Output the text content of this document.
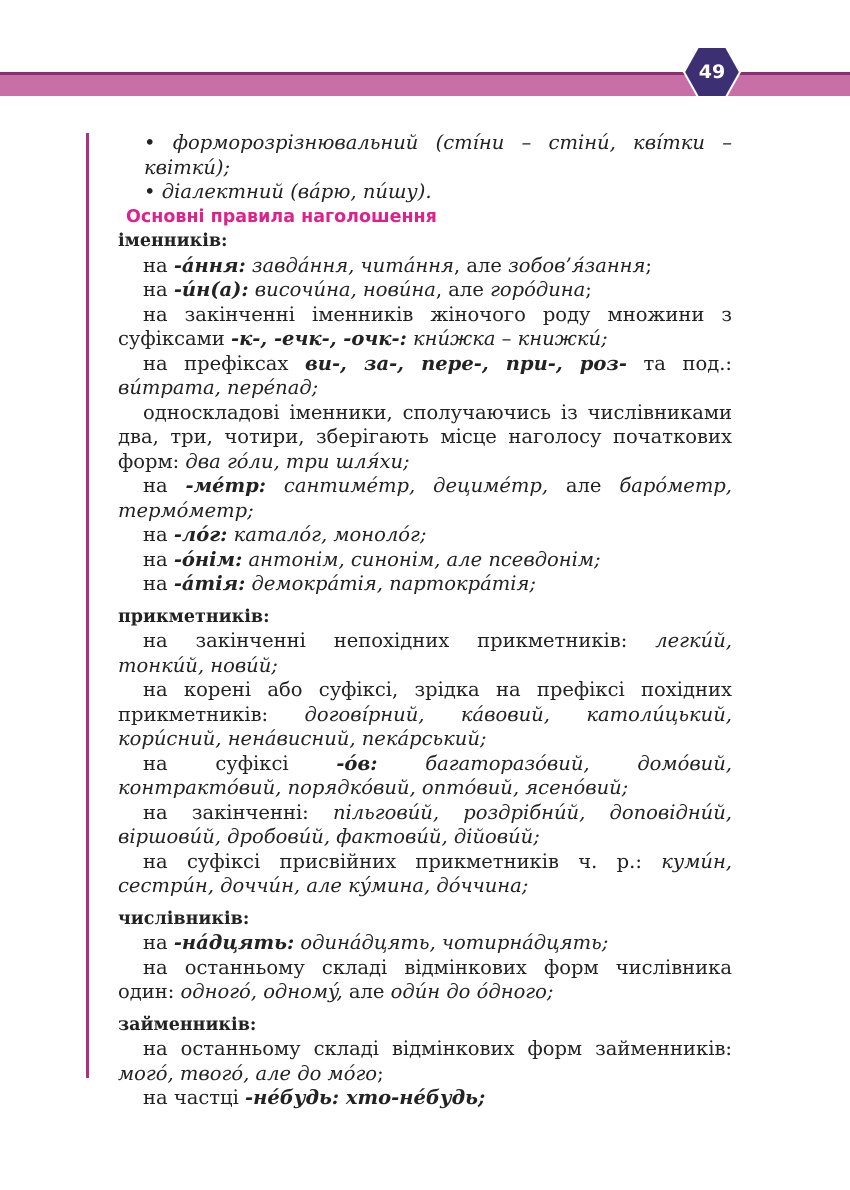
49

• форморозрізнювальний (стíни – стінú, квíтки – квіткú);

• діалектний (вáрю, пúшу).

Основні правила наголошення

іменників:

на -áння: завдáння, читáння, але зобов’я́зання;

на -úн(а): височúна, новúна, але горóдина;

на закінченні іменників жіночого роду множини з суфіксами -к-, -ечк-, -очк-: кнúжка – книжкú;

на префіксах ви-, за-, пере-, при-, роз- та под.: вúтрата, перéпад;

односкладові іменники, сполучаючись із числівниками два, три, чотири, зберігають місце наголосу початкових форм: два гóли, три шля́хи;

на -мéтр: сантимéтр, децимéтр, але барóметр, термóметр;

на -лóг: каталóг, монолóг;

на -óнім: антонім, синонім, але псевдонім;

на -áтія: демокрáтія, партокрáтія;

прикметників:

на закінченні непохідних прикметників: легкúй, тонкúй, новúй;

на корені або суфіксі, зрідка на префіксі похідних прикметників: договíрний, кáвовий, католúцький, корúсний, ненáвисний, пекáрський;

на суфіксі -óв: багаторазóвий, домóвий, контрактóвий, порядкóвий, оптóвий, ясенóвий;

на закінченні: пільговúй, роздрібнúй, доповіднúй, віршовúй, дробовúй, фактовúй, дійовúй;

на суфіксі присвійних прикметників ч. р.: кумúн, сестрúн, доччúн, але кýмина, дóччина;

числівників:

на -нáдцять: одинáдцять, чотирнáдцять;

на останньому складі відмінкових форм числівника один: одногó, одномý, але одúн до óдного;

займенників:

на останньому складі відмінкових форм займенників: могó, твогó, але до мóго;

на частці -нéбудь: хто-нéбудь;
